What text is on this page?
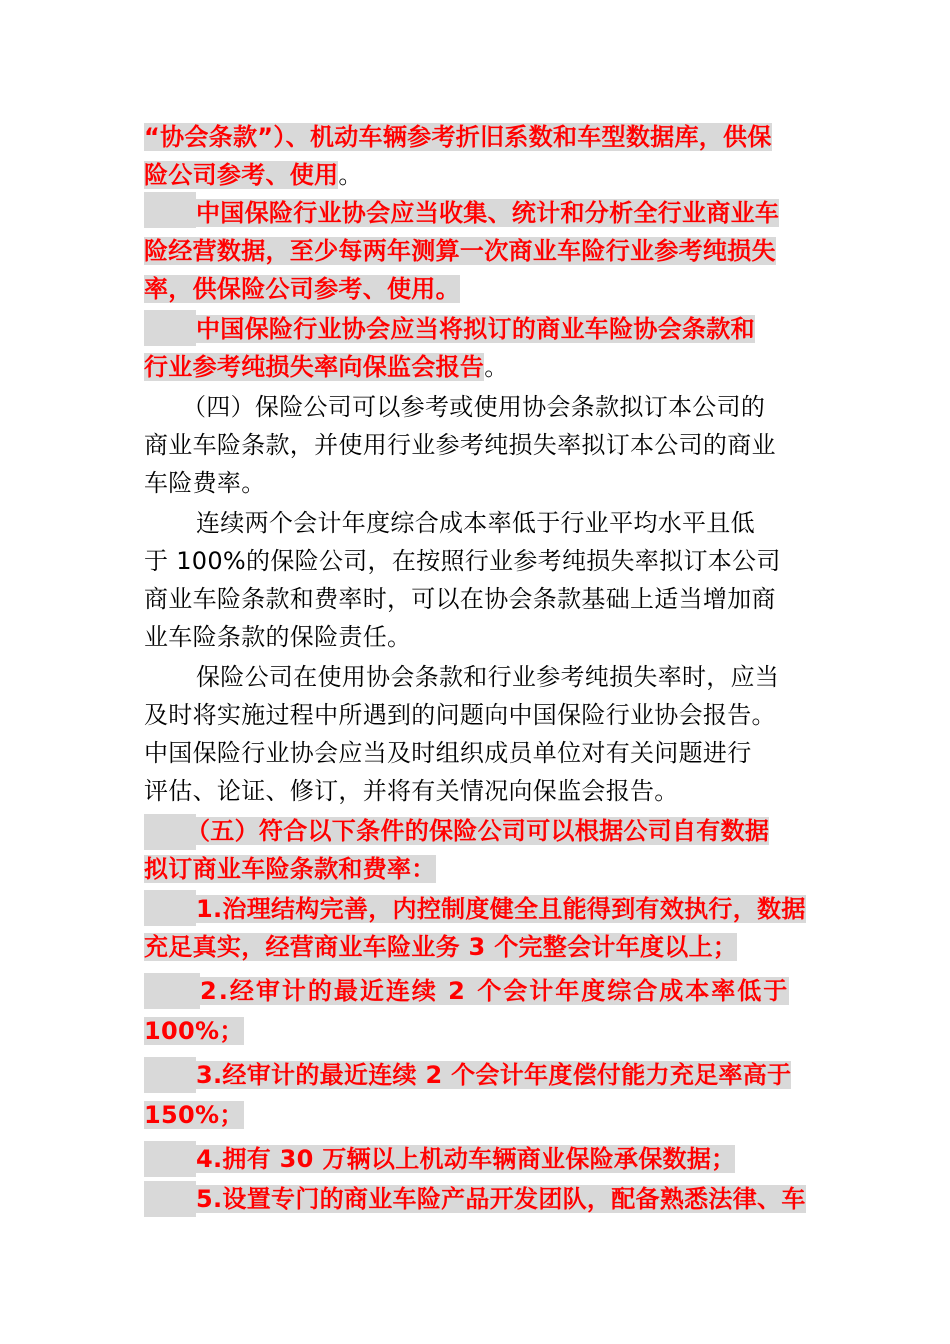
“协会条款”）、机动车辆参考折旧系数和车型数据库，供保
险公司参考、使用。
中国保险行业协会应当收集、统计和分析全行业商业车
险经营数据，至少每两年测算一次商业车险行业参考纯损失
率，供保险公司参考、使用。
中国保险行业协会应当将拟订的商业车险协会条款和
行业参考纯损失率向保监会报告。
（四）保险公司可以参考或使用协会条款拟订本公司的
商业车险条款，并使用行业参考纯损失率拟订本公司的商业
车险费率。
连续两个会计年度综合成本率低于行业平均水平且低
于 100%的保险公司，在按照行业参考纯损失率拟订本公司
商业车险条款和费率时，可以在协会条款基础上适当增加商
业车险条款的保险责任。
保险公司在使用协会条款和行业参考纯损失率时，应当
及时将实施过程中所遇到的问题向中国保险行业协会报告。
中国保险行业协会应当及时组织成员单位对有关问题进行
评估、论证、修订，并将有关情况向保监会报告。
（五）符合以下条件的保险公司可以根据公司自有数据
拟订商业车险条款和费率：
1.治理结构完善，内控制度健全且能得到有效执行，数据
充足真实，经营商业车险业务 3 个完整会计年度以上；
2.经审计的最近连续 2 个会计年度综合成本率低于
100%；
3.经审计的最近连续 2 个会计年度偿付能力充足率高于
150%；
4.拥有 30 万辆以上机动车辆商业保险承保数据；
5.设置专门的商业车险产品开发团队，配备熟悉法律、车
